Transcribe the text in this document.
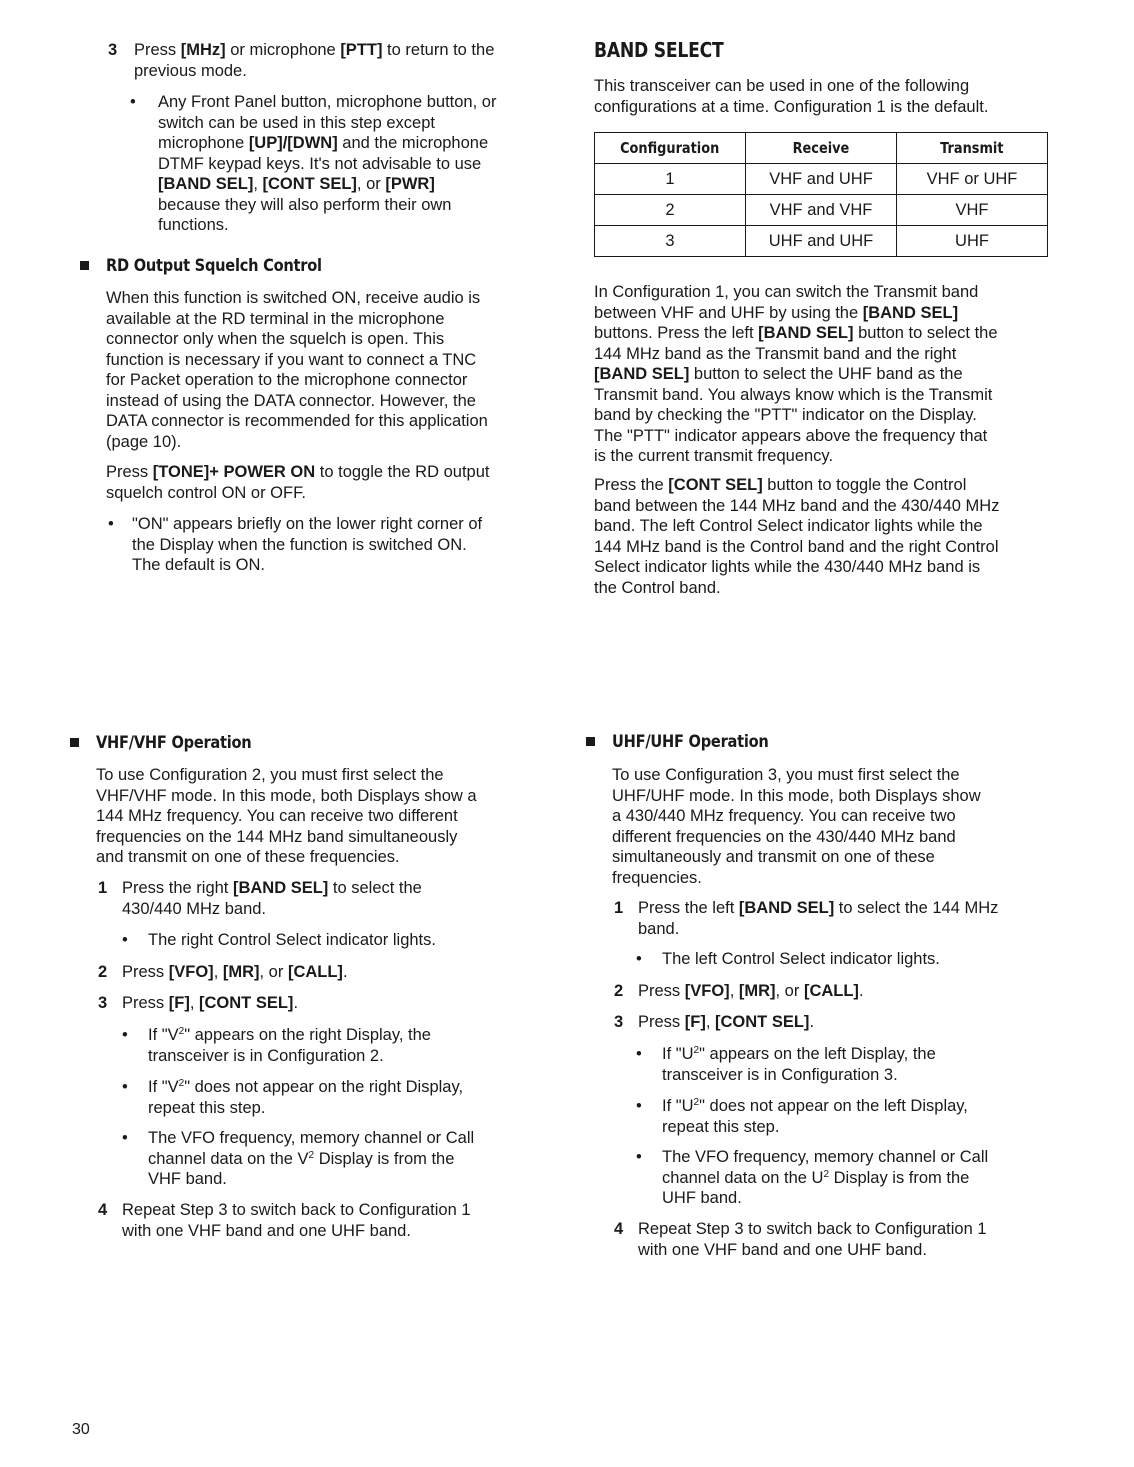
3 Press [MHz] or microphone [PTT] to return to the
previous mode.

• Any Front Panel button, microphone button, or
switch can be used in this step except
microphone [UP]/[DWN] and the microphone
DTMF keypad keys. It's not advisable to use
[BAND SEL], [CONT SEL], or [PWR]
because they will also perform their own
functions.

RD Output Squelch Control

When this function is switched ON, receive audio is
available at the RD terminal in the microphone
connector only when the squelch is open. This
function is necessary if you want to connect a TNC
for Packet operation to the microphone connector
instead of using the DATA connector. However, the
DATA connector is recommended for this application
(page 10).

Press [TONE]+ POWER ON to toggle the RD output
squelch control ON or OFF.

• "ON" appears briefly on the lower right corner of
the Display when the function is switched ON.
The default is ON.

BAND SELECT

This transceiver can be used in one of the following
configurations at a time. Configuration 1 is the default.

Configuration	Receive	Transmit
1	VHF and UHF	VHF or UHF
2	VHF and VHF	VHF
3	UHF and UHF	UHF

In Configuration 1, you can switch the Transmit band
between VHF and UHF by using the [BAND SEL]
buttons. Press the left [BAND SEL] button to select the
144 MHz band as the Transmit band and the right
[BAND SEL] button to select the UHF band as the
Transmit band. You always know which is the Transmit
band by checking the "PTT" indicator on the Display.
The "PTT" indicator appears above the frequency that
is the current transmit frequency.

Press the [CONT SEL] button to toggle the Control
band between the 144 MHz band and the 430/440 MHz
band. The left Control Select indicator lights while the
144 MHz band is the Control band and the right Control
Select indicator lights while the 430/440 MHz band is
the Control band.

VHF/VHF Operation

To use Configuration 2, you must first select the
VHF/VHF mode. In this mode, both Displays show a
144 MHz frequency. You can receive two different
frequencies on the 144 MHz band simultaneously
and transmit on one of these frequencies.

1 Press the right [BAND SEL] to select the
430/440 MHz band.

• The right Control Select indicator lights.

2 Press [VFO], [MR], or [CALL].

3 Press [F], [CONT SEL].

• If "$V^2$" appears on the right Display, the
transceiver is in Configuration 2.

• If "$V^2$" does not appear on the right Display,
repeat this step.

• The VFO frequency, memory channel or Call
channel data on the $V^2$ Display is from the
VHF band.

4 Repeat Step 3 to switch back to Configuration 1
with one VHF band and one UHF band.

UHF/UHF Operation

To use Configuration 3, you must first select the
UHF/UHF mode. In this mode, both Displays show
a 430/440 MHz frequency. You can receive two
different frequencies on the 430/440 MHz band
simultaneously and transmit on one of these
frequencies.

1 Press the left [BAND SEL] to select the 144 MHz
band.

• The left Control Select indicator lights.

2 Press [VFO], [MR], or [CALL].

3 Press [F], [CONT SEL].

• If "$U^2$" appears on the left Display, the
transceiver is in Configuration 3.

• If "$U^2$" does not appear on the left Display,
repeat this step.

• The VFO frequency, memory channel or Call
channel data on the $U^2$ Display is from the
UHF band.

4 Repeat Step 3 to switch back to Configuration 1
with one VHF band and one UHF band.

30
